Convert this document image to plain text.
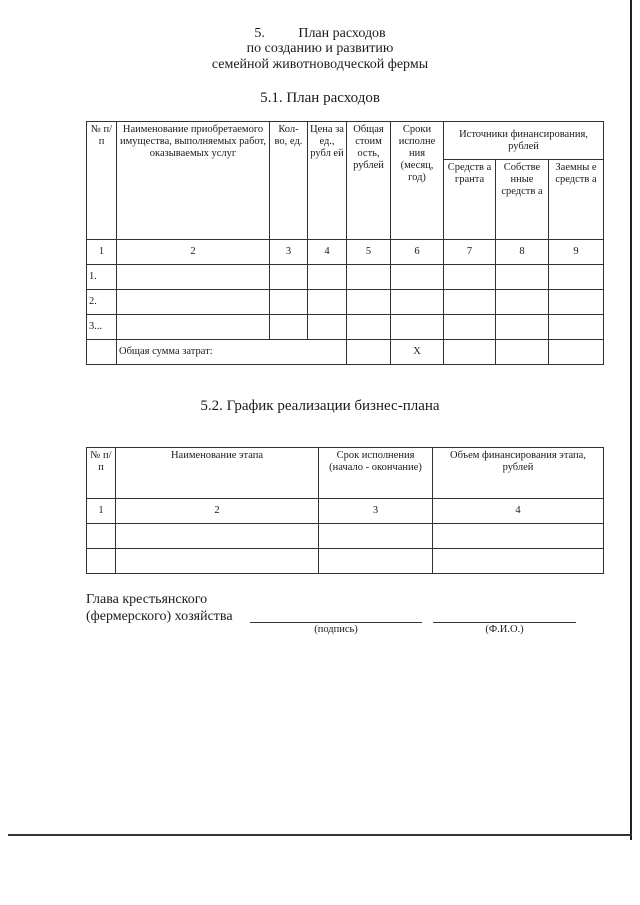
5. План расходов
по созданию и развитию
семейной животноводческой фермы
5.1. План расходов
№ п/п	Наименование приобретаемого имущества, выполняемых работ, оказываемых услуг	Кол-во, ед.	Цена за ед., рубл ей	Общая стоим ость, рублей	Сроки исполне ния (месяц, год)	Источники финансирования, рублей		
						Средств а гранта	Собстве нные средств а	Заемны е средств а
1	2	3	4	5	6	7	8	9
1.								
2.								
3...								
	Общая сумма затрат:				Х			
5.2. График реализации бизнес-плана
№ п/п	Наименование этапа	Срок исполнения (начало - окончание)	Объем финансирования этапа, рублей
1	2	3	4

Глава крестьянского
(фермерского) хозяйства
(подпись)	(Ф.И.О.)
